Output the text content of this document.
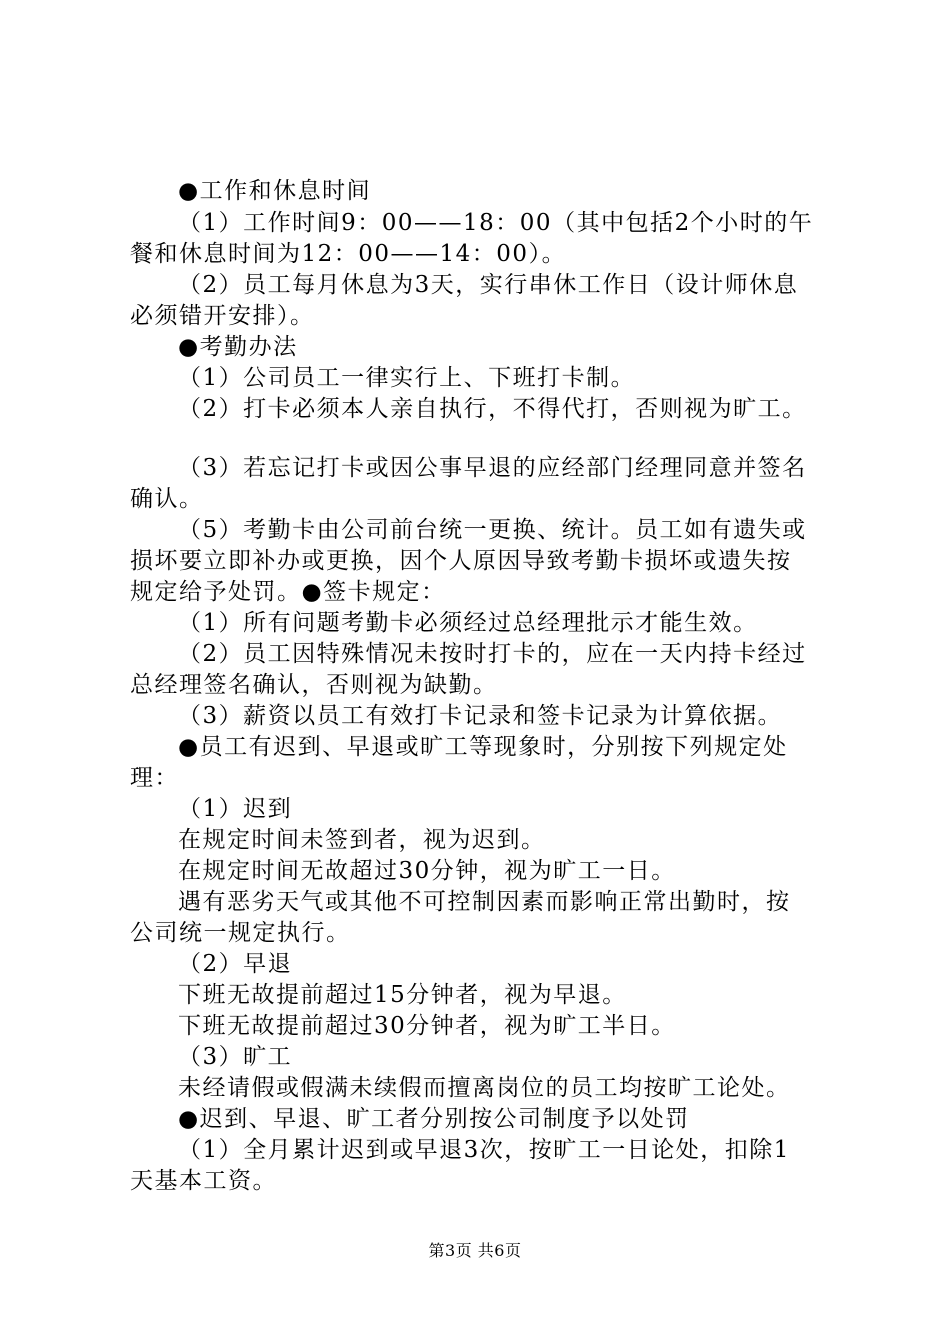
●工作和休息时间
（1）工作时间9：00——18：00（其中包括2个小时的午
餐和休息时间为12：00——14：00）。
（2）员工每月休息为3天，实行串休工作日（设计师休息
必须错开安排）。
●考勤办法
（1）公司员工一律实行上、下班打卡制。
（2）打卡必须本人亲自执行，不得代打，否则视为旷工。
（3）若忘记打卡或因公事早退的应经部门经理同意并签名
确认。
（5）考勤卡由公司前台统一更换、统计。员工如有遗失或
损坏要立即补办或更换，因个人原因导致考勤卡损坏或遗失按
规定给予处罚。●签卡规定：
（1）所有问题考勤卡必须经过总经理批示才能生效。
（2）员工因特殊情况未按时打卡的，应在一天内持卡经过
总经理签名确认，否则视为缺勤。
（3）薪资以员工有效打卡记录和签卡记录为计算依据。
●员工有迟到、早退或旷工等现象时，分别按下列规定处
理：
（1）迟到
在规定时间未签到者，视为迟到。
在规定时间无故超过30分钟，视为旷工一日。
遇有恶劣天气或其他不可控制因素而影响正常出勤时，按
公司统一规定执行。
（2）早退
下班无故提前超过15分钟者，视为早退。
下班无故提前超过30分钟者，视为旷工半日。
（3）旷工
未经请假或假满未续假而擅离岗位的员工均按旷工论处。
●迟到、早退、旷工者分别按公司制度予以处罚
（1）全月累计迟到或早退3次，按旷工一日论处，扣除1
天基本工资。
第3页 共6页
